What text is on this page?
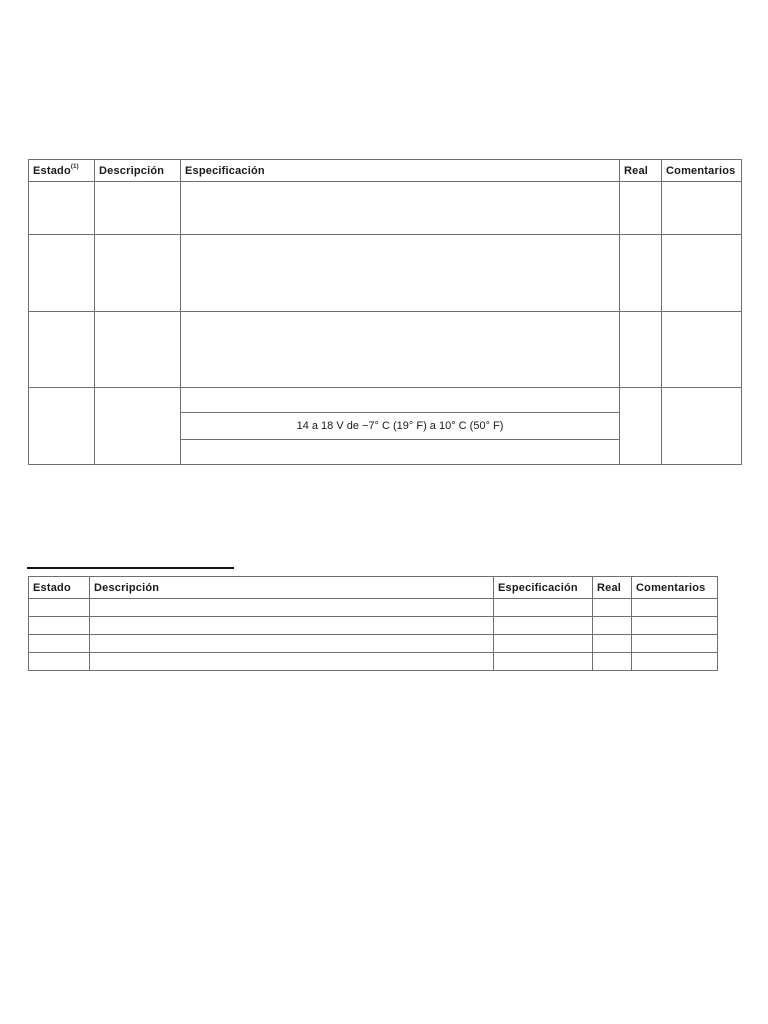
Estado$^{(1)}$	Descripción	Especificación	Real	Comentarios

		14 a 18 V de −7° C (19° F) a 10° C (50° F)		

Estado	Descripción	Especificación	Real	Comentarios
